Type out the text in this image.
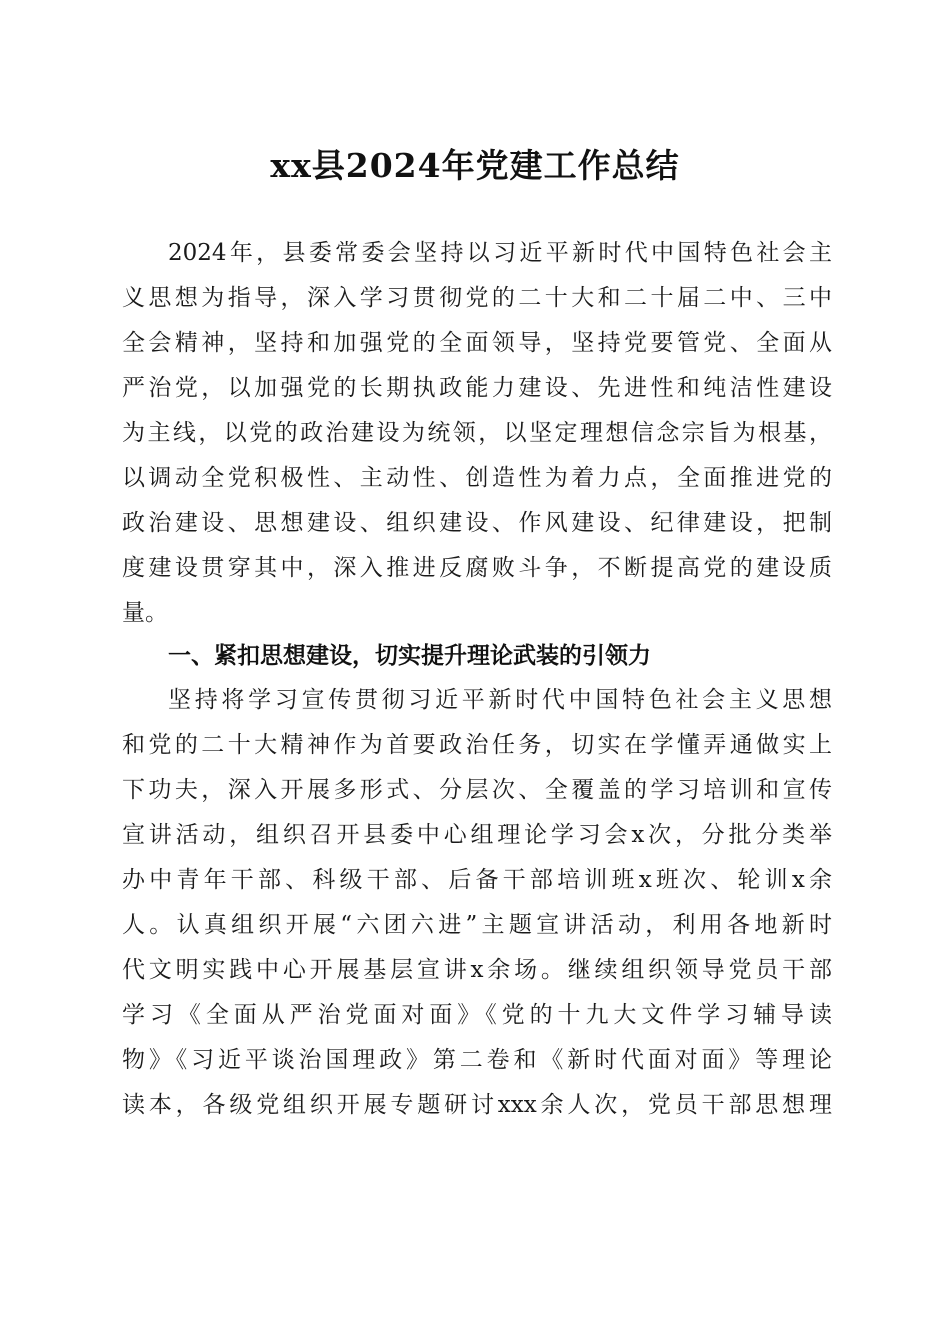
xx县2024年党建工作总结
2024年，县委常委会坚持以习近平新时代中国特色社会主
义思想为指导，深入学习贯彻党的二十大和二十届二中、三中
全会精神，坚持和加强党的全面领导，坚持党要管党、全面从
严治党，以加强党的长期执政能力建设、先进性和纯洁性建设
为主线，以党的政治建设为统领，以坚定理想信念宗旨为根基，
以调动全党积极性、主动性、创造性为着力点，全面推进党的
政治建设、思想建设、组织建设、作风建设、纪律建设，把制
度建设贯穿其中，深入推进反腐败斗争，不断提高党的建设质
量。
一、紧扣思想建设，切实提升理论武装的引领力
坚持将学习宣传贯彻习近平新时代中国特色社会主义思想
和党的二十大精神作为首要政治任务，切实在学懂弄通做实上
下功夫，深入开展多形式、分层次、全覆盖的学习培训和宣传
宣讲活动，组织召开县委中心组理论学习会x次，分批分类举
办中青年干部、科级干部、后备干部培训班x班次、轮训x余
人。认真组织开展“六团六进”主题宣讲活动，利用各地新时
代文明实践中心开展基层宣讲x余场。继续组织领导党员干部
学习《全面从严治党面对面》《党的十九大文件学习辅导读
物》《习近平谈治国理政》第二卷和《新时代面对面》等理论
读本，各级党组织开展专题研讨xxx余人次，党员干部思想理
